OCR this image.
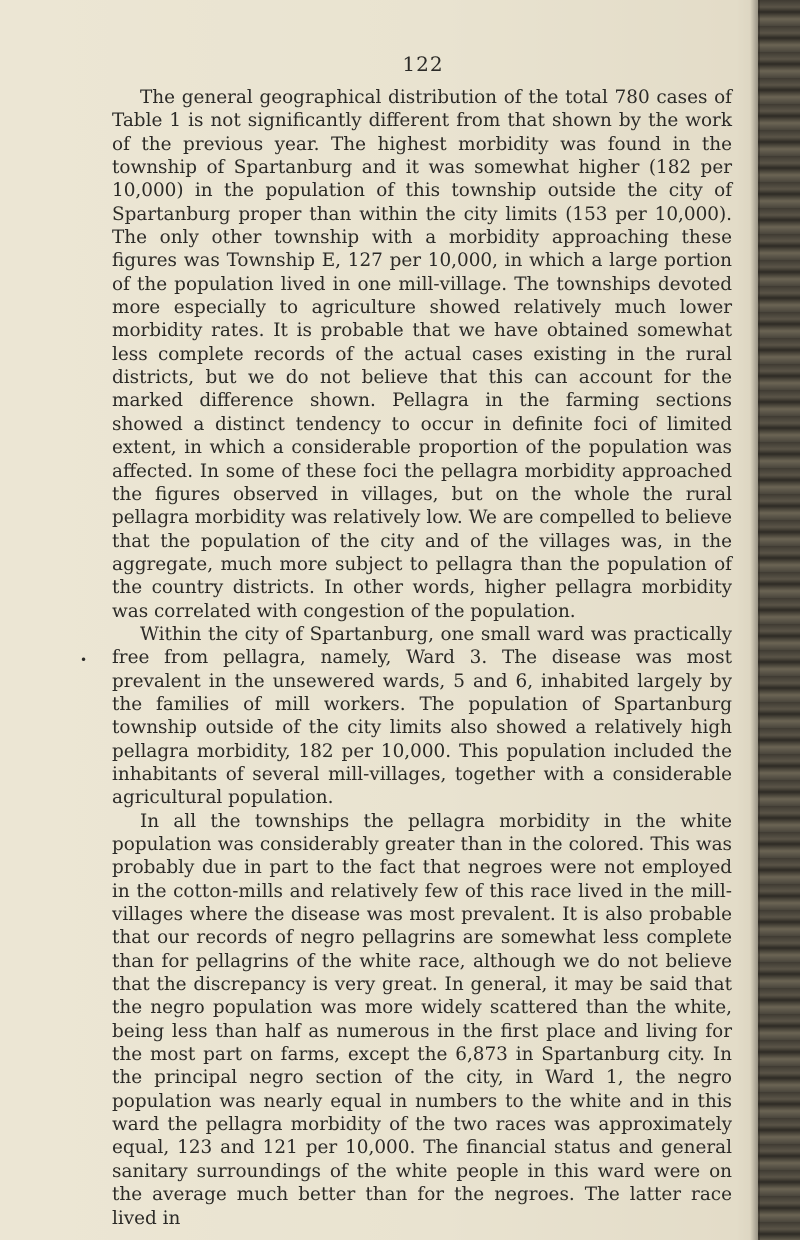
122

The general geographical distribution of the total 780 cases of Table 1 is not significantly different from that shown by the work of the previous year. The highest morbidity was found in the township of Spartanburg and it was somewhat higher (182 per 10,000) in the population of this township outside the city of Spartanburg proper than within the city limits (153 per 10,000). The only other township with a morbidity approaching these figures was Township E, 127 per 10,000, in which a large portion of the population lived in one mill-village. The townships devoted more especially to agriculture showed relatively much lower morbidity rates. It is probable that we have obtained somewhat less complete records of the actual cases existing in the rural districts, but we do not believe that this can account for the marked difference shown. Pellagra in the farming sections showed a distinct tendency to occur in definite foci of limited extent, in which a considerable proportion of the population was affected. In some of these foci the pellagra morbidity approached the figures observed in villages, but on the whole the rural pellagra morbidity was relatively low. We are compelled to believe that the population of the city and of the villages was, in the aggregate, much more subject to pellagra than the population of the country districts. In other words, higher pellagra morbidity was correlated with congestion of the population.

Within the city of Spartanburg, one small ward was practically free from pellagra, namely, Ward 3. The disease was most prevalent in the unsewered wards, 5 and 6, inhabited largely by the families of mill workers. The population of Spartanburg township outside of the city limits also showed a relatively high pellagra morbidity, 182 per 10,000. This population included the inhabitants of several mill-villages, together with a considerable agricultural population.

In all the townships the pellagra morbidity in the white population was considerably greater than in the colored. This was probably due in part to the fact that negroes were not employed in the cotton-mills and relatively few of this race lived in the mill-villages where the disease was most prevalent. It is also probable that our records of negro pellagrins are somewhat less complete than for pellagrins of the white race, although we do not believe that the discrepancy is very great. In general, it may be said that the negro population was more widely scattered than the white, being less than half as numerous in the first place and living for the most part on farms, except the 6,873 in Spartanburg city. In the principal negro section of the city, in Ward 1, the negro population was nearly equal in numbers to the white and in this ward the pellagra morbidity of the two races was approximately equal, 123 and 121 per 10,000. The financial status and general sanitary surroundings of the white people in this ward were on the average much better than for the negroes. The latter race lived in

•
